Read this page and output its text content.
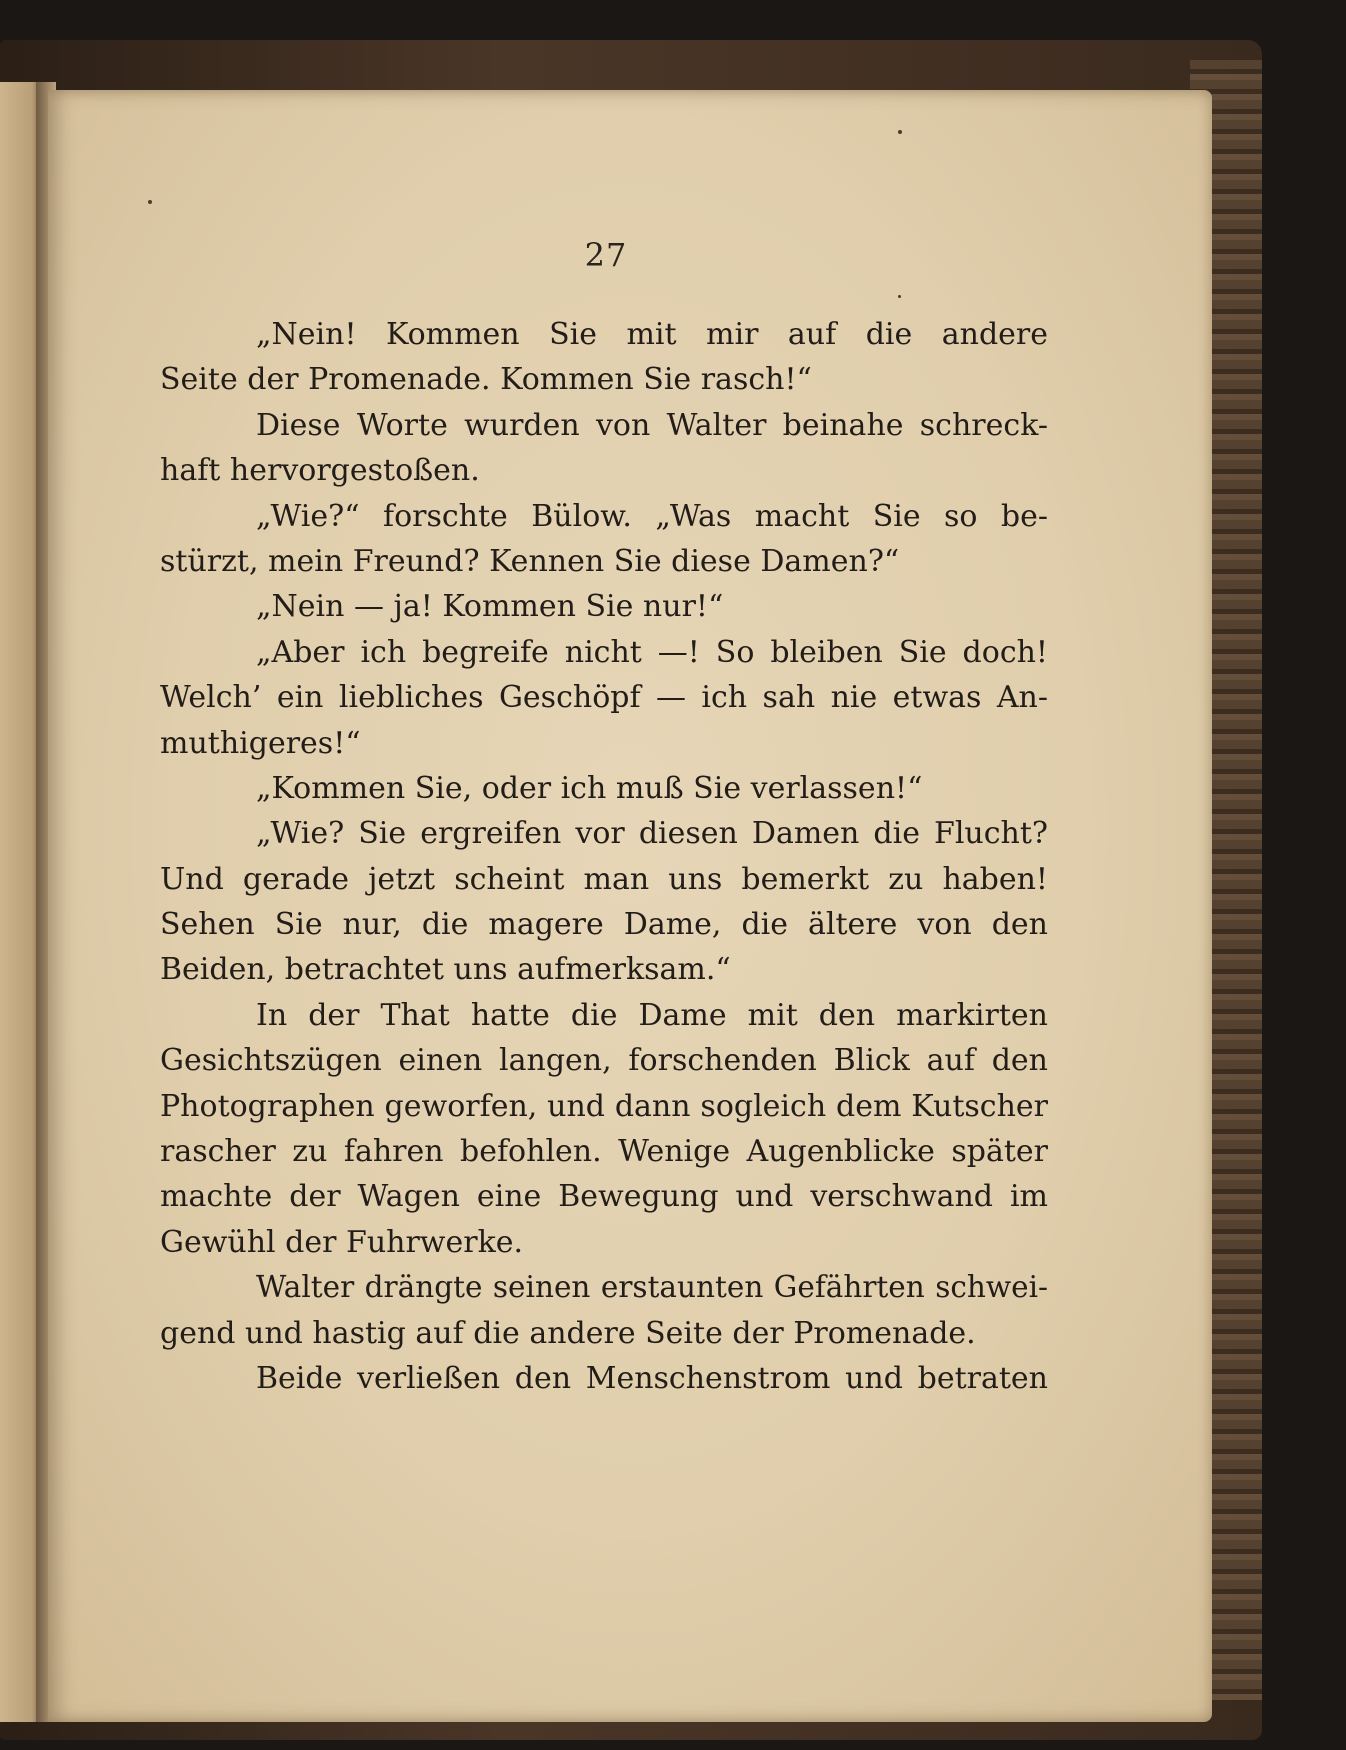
27
„Nein! Kommen Sie mit mir auf die andere
Seite der Promenade. Kommen Sie rasch!“
Diese Worte wurden von Walter beinahe schreck-
haft hervorgestoßen.
„Wie?“ forschte Bülow. „Was macht Sie so be-
stürzt, mein Freund? Kennen Sie diese Damen?“
„Nein — ja! Kommen Sie nur!“
„Aber ich begreife nicht —! So bleiben Sie doch!
Welch’ ein liebliches Geschöpf — ich sah nie etwas An-
muthigeres!“
„Kommen Sie, oder ich muß Sie verlassen!“
„Wie? Sie ergreifen vor diesen Damen die Flucht?
Und gerade jetzt scheint man uns bemerkt zu haben!
Sehen Sie nur, die magere Dame, die ältere von den
Beiden, betrachtet uns aufmerksam.“
In der That hatte die Dame mit den markirten
Gesichtszügen einen langen, forschenden Blick auf den
Photographen geworfen, und dann sogleich dem Kutscher
rascher zu fahren befohlen. Wenige Augenblicke später
machte der Wagen eine Bewegung und verschwand im
Gewühl der Fuhrwerke.
Walter drängte seinen erstaunten Gefährten schwei-
gend und hastig auf die andere Seite der Promenade.
Beide verließen den Menschenstrom und betraten
